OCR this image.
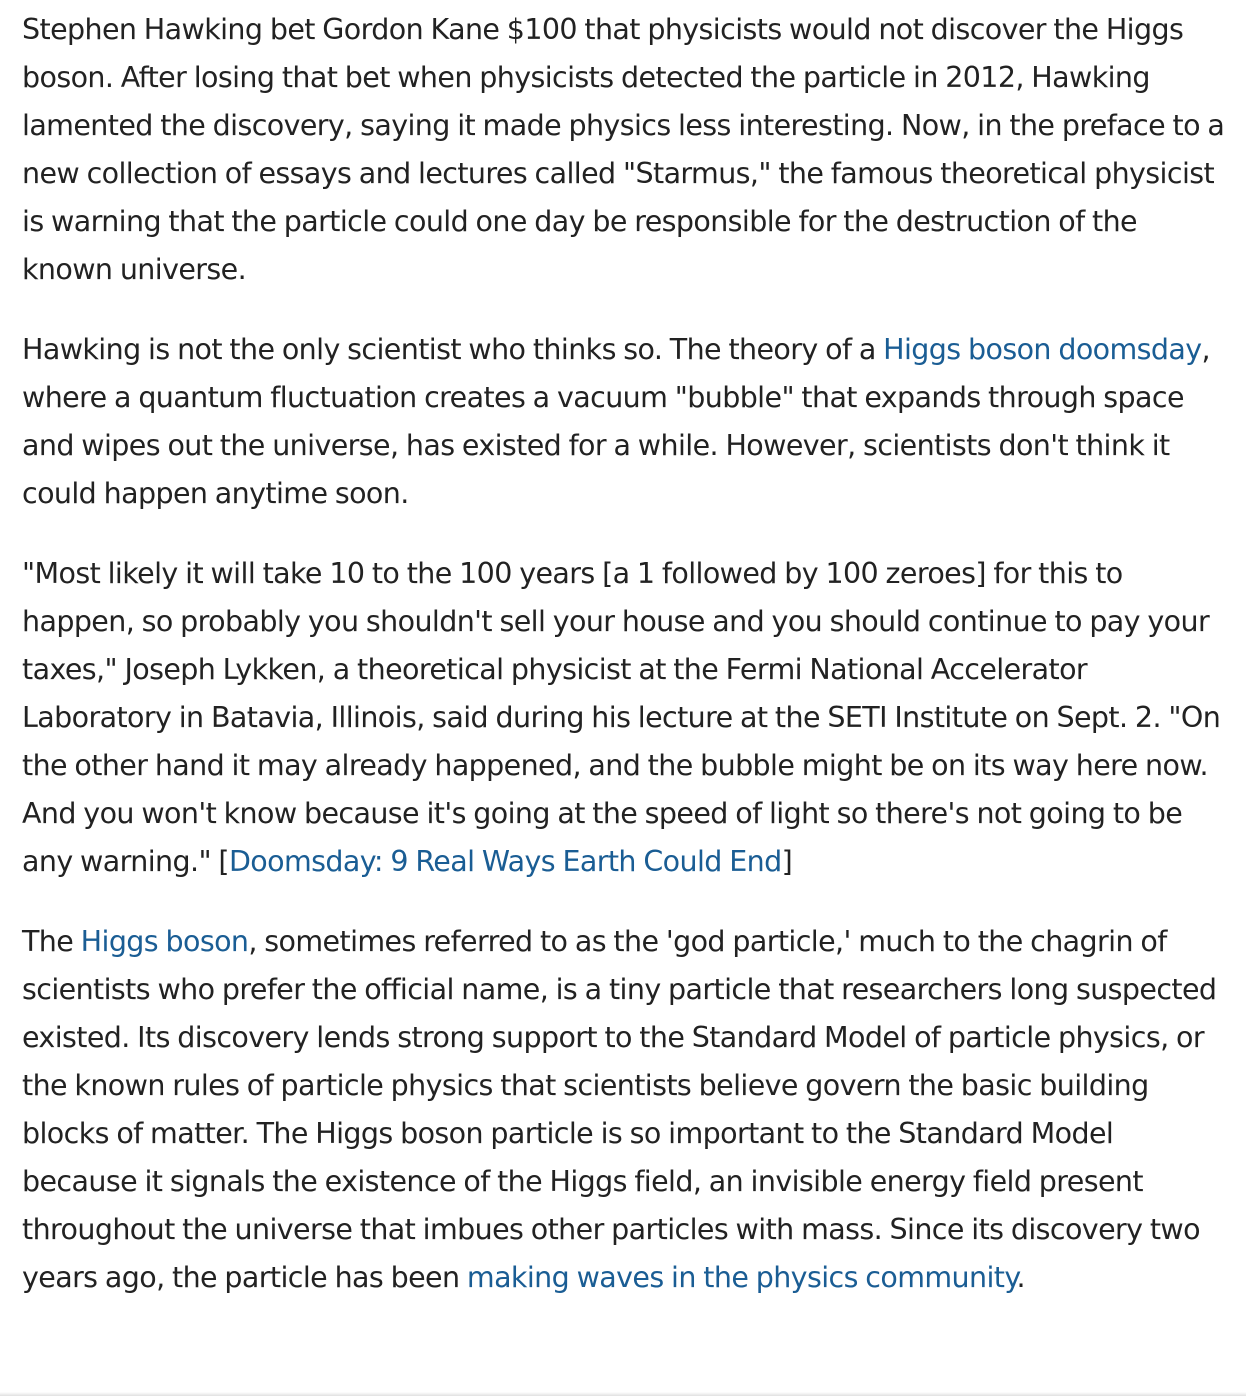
Stephen Hawking bet Gordon Kane $100 that physicists would not discover the Higgs boson. After losing that bet when physicists detected the particle in 2012, Hawking lamented the discovery, saying it made physics less interesting. Now, in the preface to a new collection of essays and lectures called "Starmus," the famous theoretical physicist is warning that the particle could one day be responsible for the destruction of the known universe.

Hawking is not the only scientist who thinks so. The theory of a Higgs boson doomsday, where a quantum fluctuation creates a vacuum "bubble" that expands through space and wipes out the universe, has existed for a while. However, scientists don't think it could happen anytime soon.

"Most likely it will take 10 to the 100 years [a 1 followed by 100 zeroes] for this to happen, so probably you shouldn't sell your house and you should continue to pay your taxes," Joseph Lykken, a theoretical physicist at the Fermi National Accelerator Laboratory in Batavia, Illinois, said during his lecture at the SETI Institute on Sept. 2. "On the other hand it may already happened, and the bubble might be on its way here now. And you won't know because it's going at the speed of light so there's not going to be any warning." [Doomsday: 9 Real Ways Earth Could End]

The Higgs boson, sometimes referred to as the 'god particle,' much to the chagrin of scientists who prefer the official name, is a tiny particle that researchers long suspected existed. Its discovery lends strong support to the Standard Model of particle physics, or the known rules of particle physics that scientists believe govern the basic building blocks of matter. The Higgs boson particle is so important to the Standard Model because it signals the existence of the Higgs field, an invisible energy field present throughout the universe that imbues other particles with mass. Since its discovery two years ago, the particle has been making waves in the physics community.
